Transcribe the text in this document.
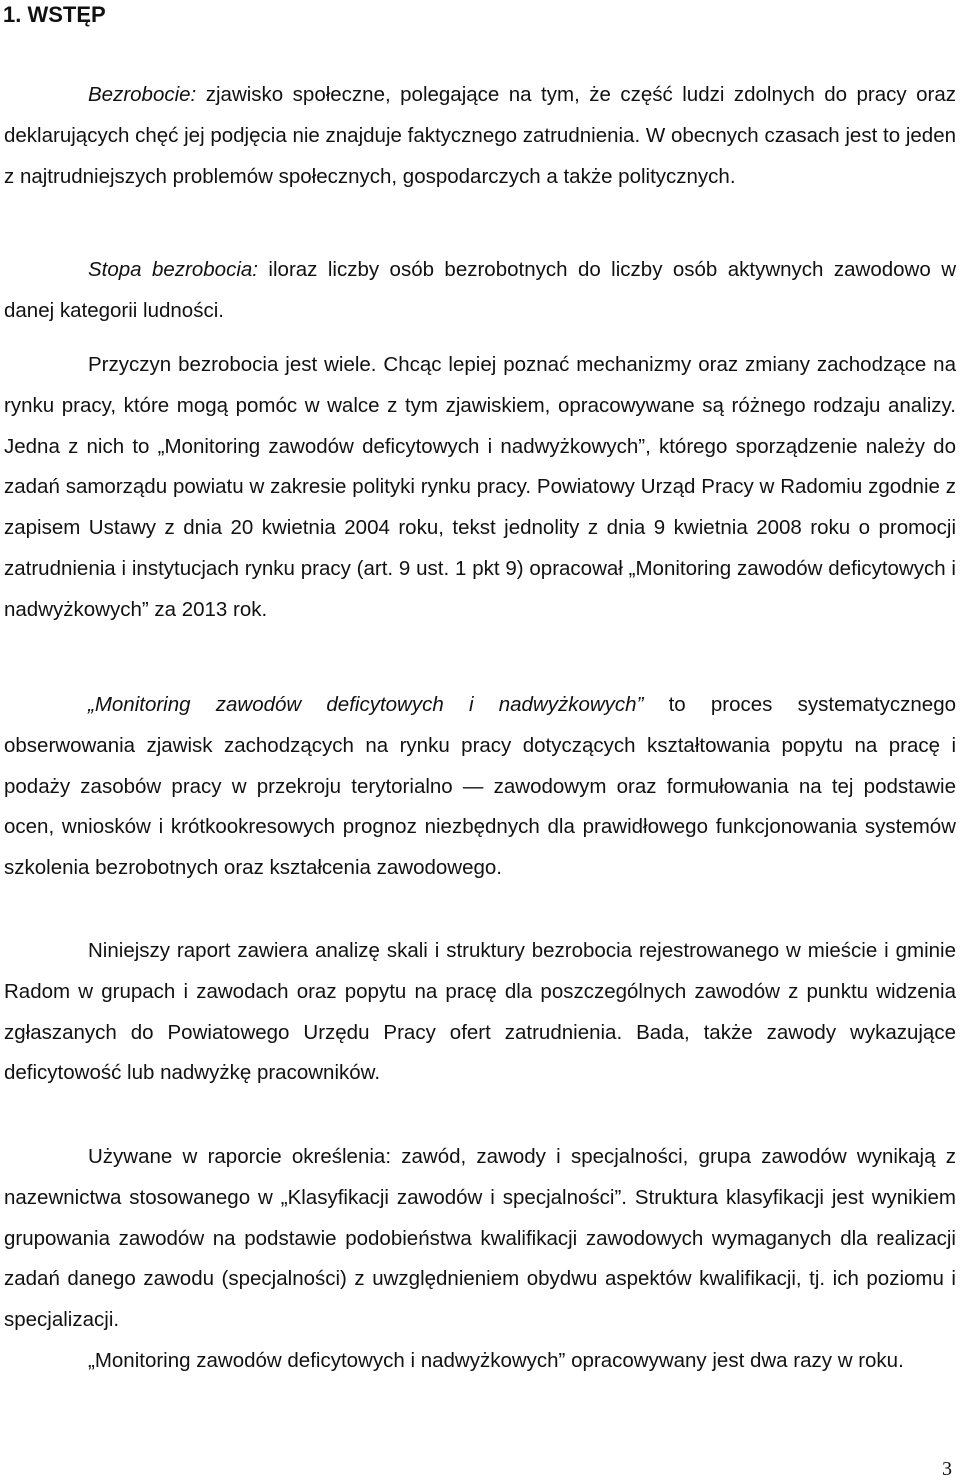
1. WSTĘP

Bezrobocie: zjawisko społeczne, polegające na tym, że część ludzi zdolnych do pracy oraz deklarujących chęć jej podjęcia nie znajduje faktycznego zatrudnienia. W obecnych czasach jest to jeden z najtrudniejszych problemów społecznych, gospodarczych a także politycznych.

Stopa bezrobocia: iloraz liczby osób bezrobotnych do liczby osób aktywnych zawodowo w danej kategorii ludności.

Przyczyn bezrobocia jest wiele. Chcąc lepiej poznać mechanizmy oraz zmiany zachodzące na rynku pracy, które mogą pomóc w walce z tym zjawiskiem, opracowywane są różnego rodzaju analizy. Jedna z nich to „Monitoring zawodów deficytowych i nadwyżkowych”, którego sporządzenie należy do zadań samorządu powiatu w zakresie polityki rynku pracy. Powiatowy Urząd Pracy w Radomiu zgodnie z zapisem Ustawy z dnia 20 kwietnia 2004 roku, tekst jednolity z dnia 9 kwietnia 2008 roku o promocji zatrudnienia i instytucjach rynku pracy (art. 9 ust. 1 pkt 9) opracował „Monitoring zawodów deficytowych i nadwyżkowych” za 2013 rok.

„Monitoring zawodów deficytowych i nadwyżkowych” to proces systematycznego obserwowania zjawisk zachodzących na rynku pracy dotyczących kształtowania popytu na pracę i podaży zasobów pracy w przekroju terytorialno — zawodowym oraz formułowania na tej podstawie ocen, wniosków i krótkookresowych prognoz niezbędnych dla prawidłowego funkcjonowania systemów szkolenia bezrobotnych oraz kształcenia zawodowego.

Niniejszy raport zawiera analizę skali i struktury bezrobocia rejestrowanego w mieście i gminie Radom w grupach i zawodach oraz popytu na pracę dla poszczególnych zawodów z punktu widzenia zgłaszanych do Powiatowego Urzędu Pracy ofert zatrudnienia. Bada, także zawody wykazujące deficytowość lub nadwyżkę pracowników.

Używane w raporcie określenia: zawód, zawody i specjalności, grupa zawodów wynikają z nazewnictwa stosowanego w „Klasyfikacji zawodów i specjalności”. Struktura klasyfikacji jest wynikiem grupowania zawodów na podstawie podobieństwa kwalifikacji zawodowych wymaganych dla realizacji zadań danego zawodu (specjalności) z uwzględnieniem obydwu aspektów kwalifikacji, tj. ich poziomu i specjalizacji.

„Monitoring zawodów deficytowych i nadwyżkowych” opracowywany jest dwa razy w roku.

3
